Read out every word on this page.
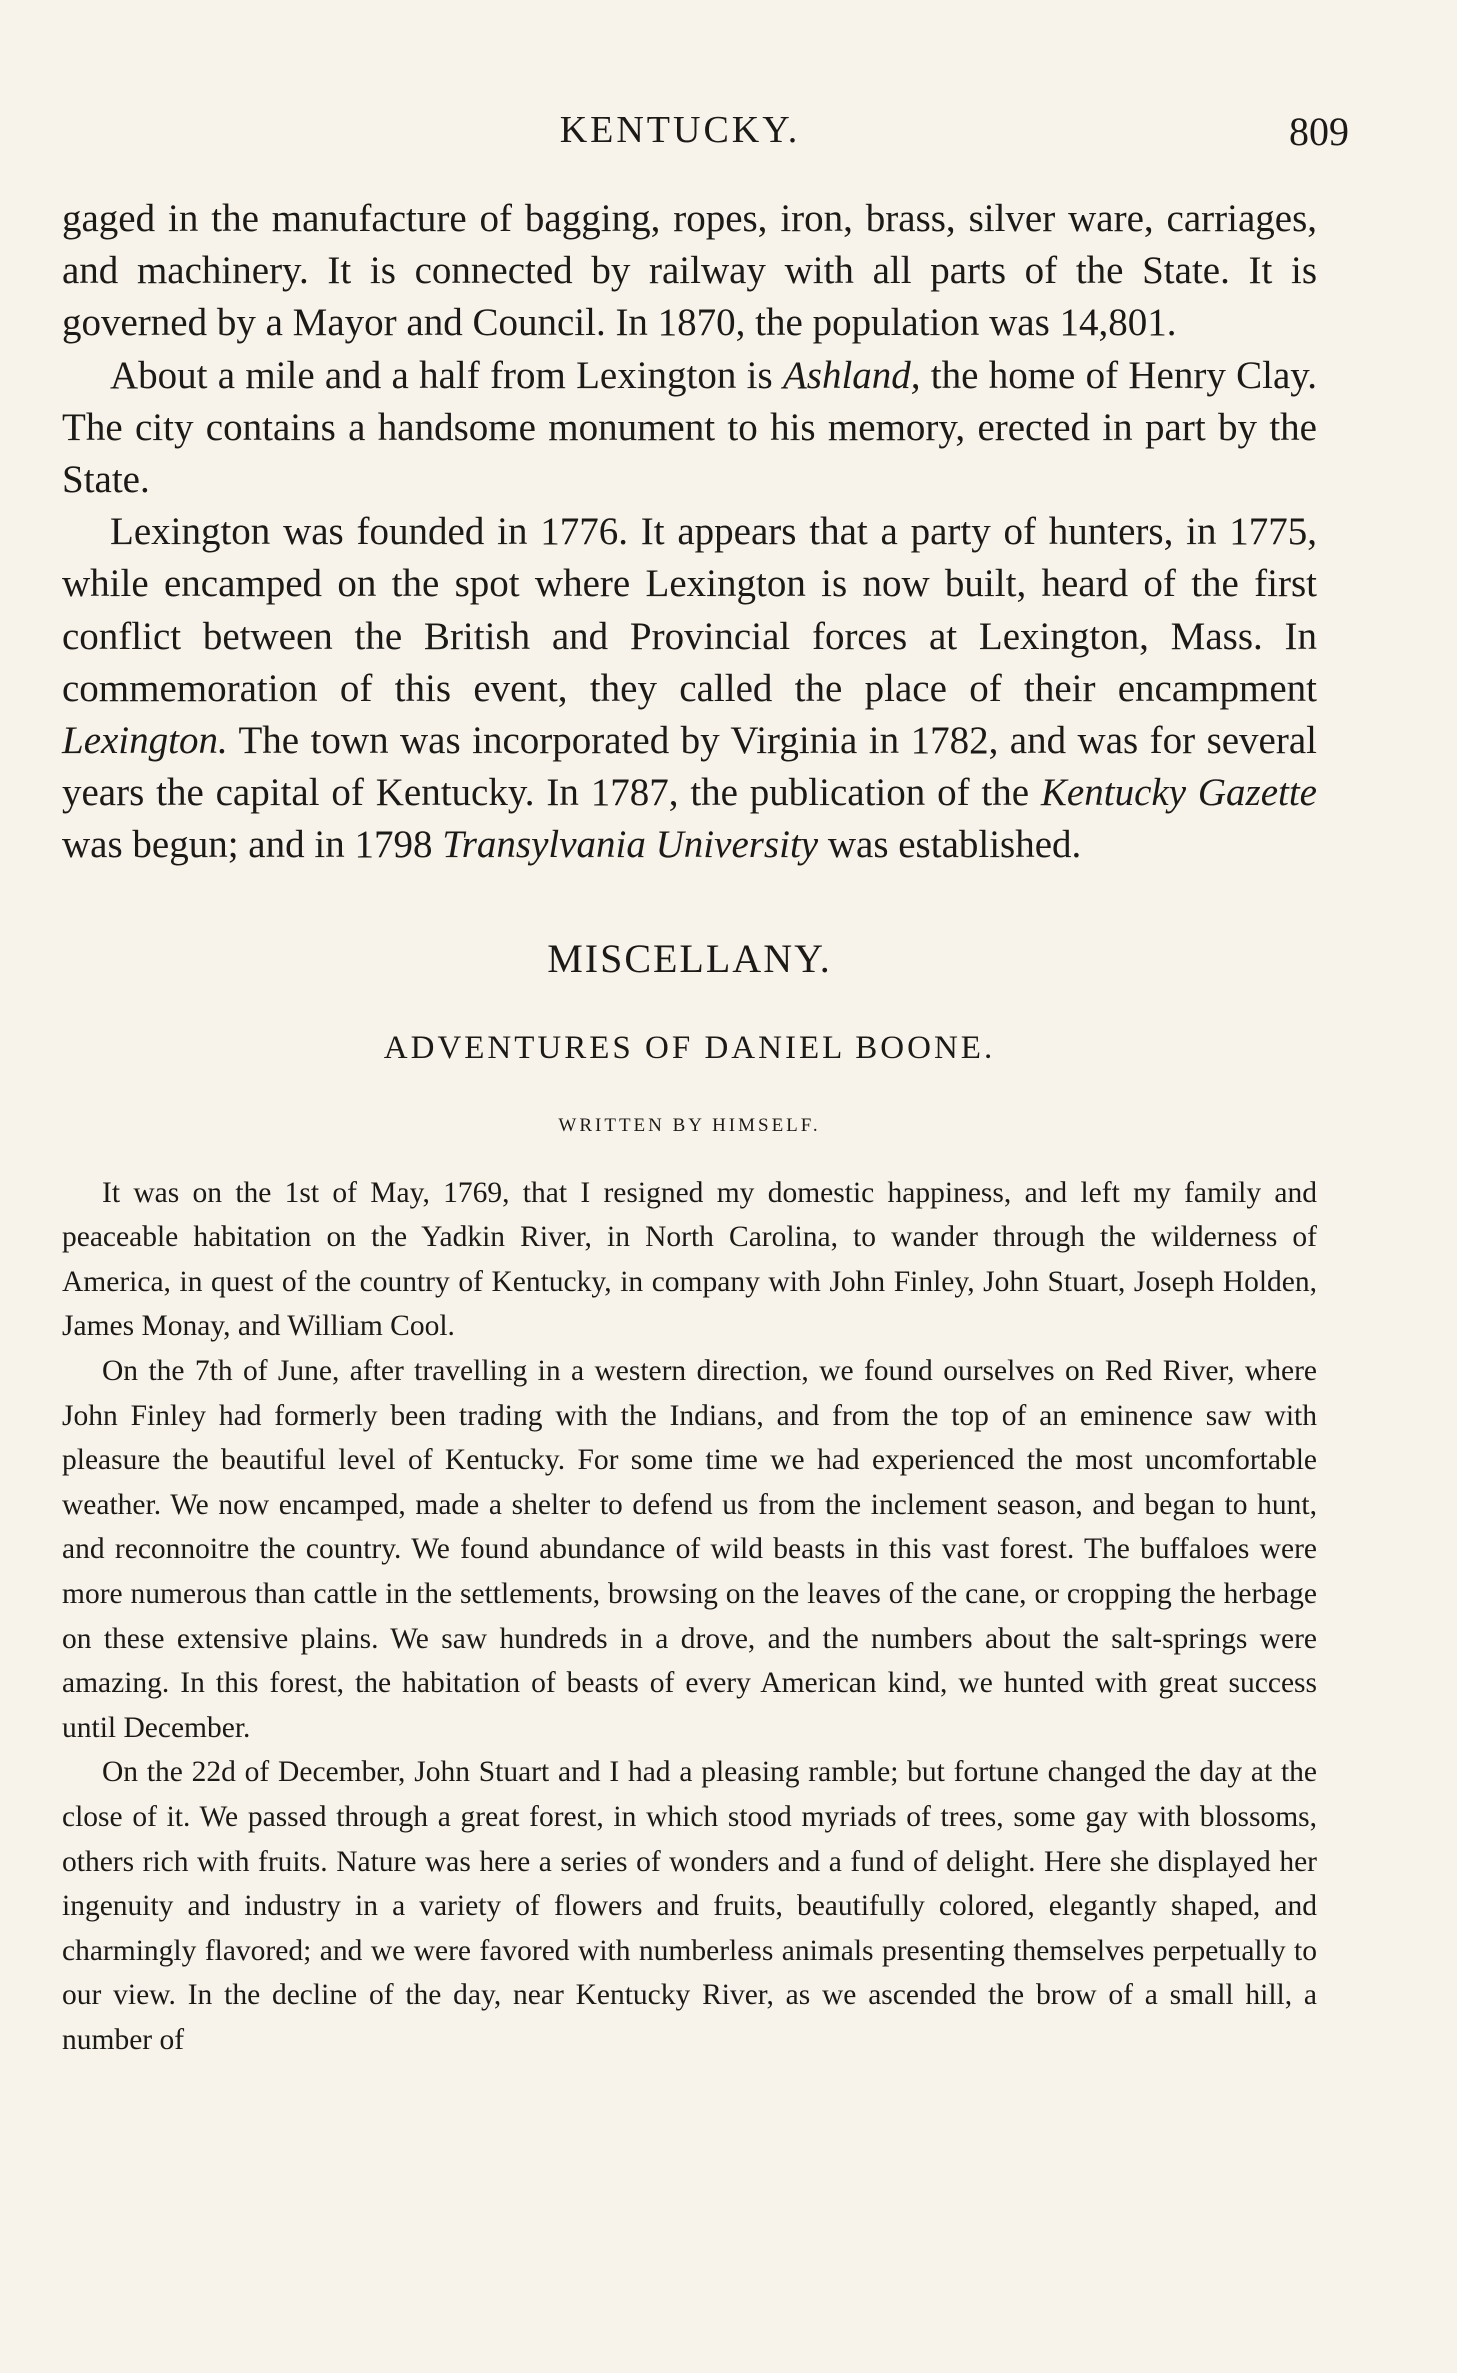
KENTUCKY.	809

gaged in the manufacture of bagging, ropes, iron, brass, silver ware, carriages, and machinery. It is connected by railway with all parts of the State. It is governed by a Mayor and Council. In 1870, the population was 14,801.

About a mile and a half from Lexington is Ashland, the home of Henry Clay. The city contains a handsome monument to his memory, erected in part by the State.

Lexington was founded in 1776. It appears that a party of hunters, in 1775, while encamped on the spot where Lexington is now built, heard of the first conflict between the British and Provincial forces at Lexington, Mass. In commemoration of this event, they called the place of their encampment Lexington. The town was incorporated by Virginia in 1782, and was for several years the capital of Kentucky. In 1787, the publication of the Kentucky Gazette was begun; and in 1798 Transylvania University was established.

MISCELLANY.
ADVENTURES OF DANIEL BOONE.
WRITTEN BY HIMSELF.

It was on the 1st of May, 1769, that I resigned my domestic happiness, and left my family and peaceable habitation on the Yadkin River, in North Carolina, to wander through the wilderness of America, in quest of the country of Kentucky, in company with John Finley, John Stuart, Joseph Holden, James Monay, and William Cool.

On the 7th of June, after travelling in a western direction, we found ourselves on Red River, where John Finley had formerly been trading with the Indians, and from the top of an eminence saw with pleasure the beautiful level of Kentucky. For some time we had experienced the most uncomfortable weather. We now encamped, made a shelter to defend us from the inclement season, and began to hunt, and reconnoitre the country. We found abundance of wild beasts in this vast forest. The buffaloes were more numerous than cattle in the settlements, browsing on the leaves of the cane, or cropping the herbage on these extensive plains. We saw hundreds in a drove, and the numbers about the salt-springs were amazing. In this forest, the habitation of beasts of every American kind, we hunted with great success until December.

On the 22d of December, John Stuart and I had a pleasing ramble; but fortune changed the day at the close of it. We passed through a great forest, in which stood myriads of trees, some gay with blossoms, others rich with fruits. Nature was here a series of wonders and a fund of delight. Here she displayed her ingenuity and industry in a variety of flowers and fruits, beautifully colored, elegantly shaped, and charmingly flavored; and we were favored with numberless animals presenting themselves perpetually to our view. In the decline of the day, near Kentucky River, as we ascended the brow of a small hill, a number of
